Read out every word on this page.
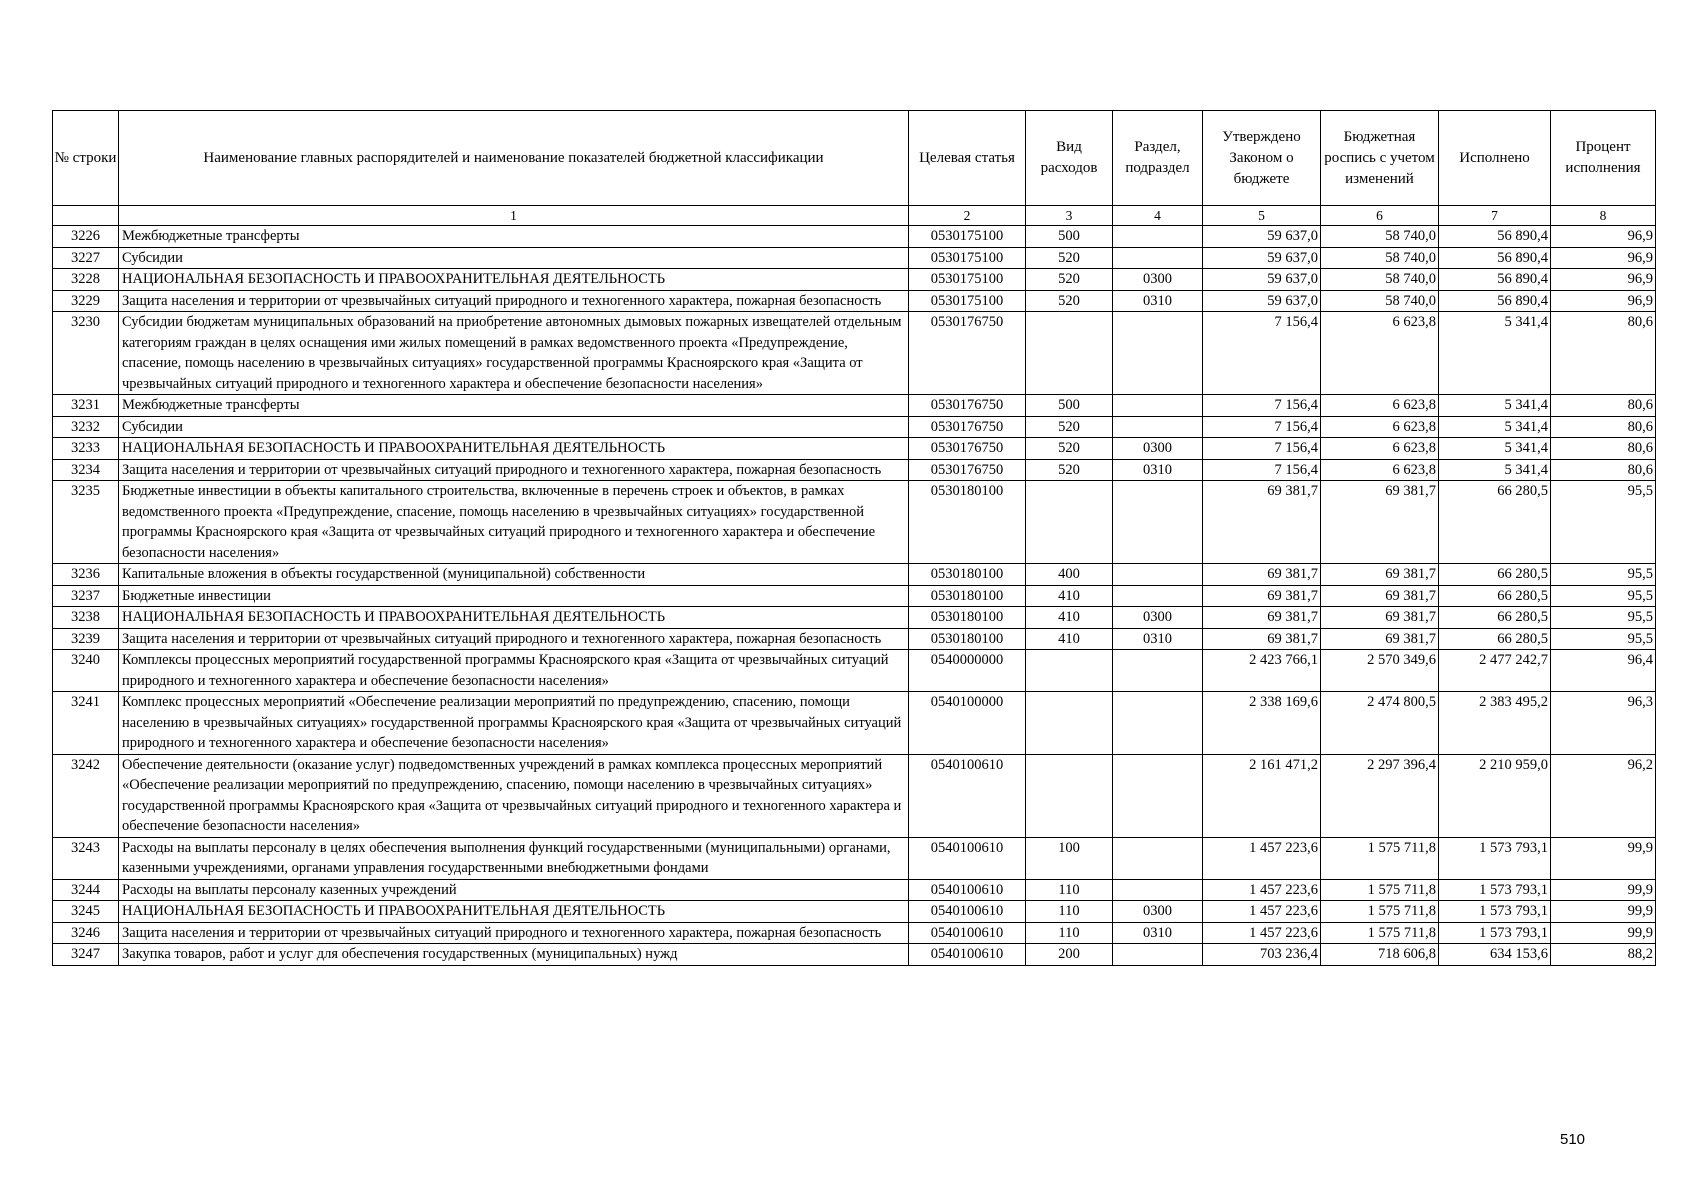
№ строки	Наименование главных распорядителей и наименование показателей бюджетной классификации	Целевая статья	Вид расходов	Раздел, подраздел	Утверждено Законом о бюджете	Бюджетная роспись с учетом изменений	Исполнено	Процент исполнения
	1	2	3	4	5	6	7	8
3226	Межбюджетные трансферты	0530175100	500		59 637,0	58 740,0	56 890,4	96,9
3227	Субсидии	0530175100	520		59 637,0	58 740,0	56 890,4	96,9
3228	НАЦИОНАЛЬНАЯ БЕЗОПАСНОСТЬ И ПРАВООХРАНИТЕЛЬНАЯ ДЕЯТЕЛЬНОСТЬ	0530175100	520	0300	59 637,0	58 740,0	56 890,4	96,9
3229	Защита населения и территории от чрезвычайных ситуаций природного и техногенного характера, пожарная безопасность	0530175100	520	0310	59 637,0	58 740,0	56 890,4	96,9
3230	Субсидии бюджетам муниципальных образований на приобретение автономных дымовых пожарных извещателей отдельным категориям граждан в целях оснащения ими жилых помещений в рамках ведомственного проекта «Предупреждение, спасение, помощь населению в чрезвычайных ситуациях» государственной программы Красноярского края «Защита от чрезвычайных ситуаций природного и техногенного характера и обеспечение безопасности населения»	0530176750			7 156,4	6 623,8	5 341,4	80,6
3231	Межбюджетные трансферты	0530176750	500		7 156,4	6 623,8	5 341,4	80,6
3232	Субсидии	0530176750	520		7 156,4	6 623,8	5 341,4	80,6
3233	НАЦИОНАЛЬНАЯ БЕЗОПАСНОСТЬ И ПРАВООХРАНИТЕЛЬНАЯ ДЕЯТЕЛЬНОСТЬ	0530176750	520	0300	7 156,4	6 623,8	5 341,4	80,6
3234	Защита населения и территории от чрезвычайных ситуаций природного и техногенного характера, пожарная безопасность	0530176750	520	0310	7 156,4	6 623,8	5 341,4	80,6
3235	Бюджетные инвестиции в объекты капитального строительства, включенные в перечень строек и объектов, в рамках ведомственного проекта «Предупреждение, спасение, помощь населению в чрезвычайных ситуациях» государственной программы Красноярского края «Защита от чрезвычайных ситуаций природного и техногенного характера и обеспечение безопасности населения»	0530180100			69 381,7	69 381,7	66 280,5	95,5
3236	Капитальные вложения в объекты государственной (муниципальной) собственности	0530180100	400		69 381,7	69 381,7	66 280,5	95,5
3237	Бюджетные инвестиции	0530180100	410		69 381,7	69 381,7	66 280,5	95,5
3238	НАЦИОНАЛЬНАЯ БЕЗОПАСНОСТЬ И ПРАВООХРАНИТЕЛЬНАЯ ДЕЯТЕЛЬНОСТЬ	0530180100	410	0300	69 381,7	69 381,7	66 280,5	95,5
3239	Защита населения и территории от чрезвычайных ситуаций природного и техногенного характера, пожарная безопасность	0530180100	410	0310	69 381,7	69 381,7	66 280,5	95,5
3240	Комплексы процессных мероприятий государственной программы Красноярского края «Защита от чрезвычайных ситуаций природного и техногенного характера и обеспечение безопасности населения»	0540000000			2 423 766,1	2 570 349,6	2 477 242,7	96,4
3241	Комплекс процессных мероприятий «Обеспечение реализации мероприятий по предупреждению, спасению, помощи населению в чрезвычайных ситуациях» государственной программы Красноярского края «Защита от чрезвычайных ситуаций природного и техногенного характера и обеспечение безопасности населения»	0540100000			2 338 169,6	2 474 800,5	2 383 495,2	96,3
3242	Обеспечение деятельности (оказание услуг) подведомственных учреждений в рамках комплекса процессных мероприятий «Обеспечение реализации мероприятий по предупреждению, спасению, помощи населению в чрезвычайных ситуациях» государственной программы Красноярского края «Защита от чрезвычайных ситуаций природного и техногенного характера и обеспечение безопасности населения»	0540100610			2 161 471,2	2 297 396,4	2 210 959,0	96,2
3243	Расходы на выплаты персоналу в целях обеспечения выполнения функций государственными (муниципальными) органами, казенными учреждениями, органами управления государственными внебюджетными фондами	0540100610	100		1 457 223,6	1 575 711,8	1 573 793,1	99,9
3244	Расходы на выплаты персоналу казенных учреждений	0540100610	110		1 457 223,6	1 575 711,8	1 573 793,1	99,9
3245	НАЦИОНАЛЬНАЯ БЕЗОПАСНОСТЬ И ПРАВООХРАНИТЕЛЬНАЯ ДЕЯТЕЛЬНОСТЬ	0540100610	110	0300	1 457 223,6	1 575 711,8	1 573 793,1	99,9
3246	Защита населения и территории от чрезвычайных ситуаций природного и техногенного характера, пожарная безопасность	0540100610	110	0310	1 457 223,6	1 575 711,8	1 573 793,1	99,9
3247	Закупка товаров, работ и услуг для обеспечения государственных (муниципальных) нужд	0540100610	200		703 236,4	718 606,8	634 153,6	88,2
510
